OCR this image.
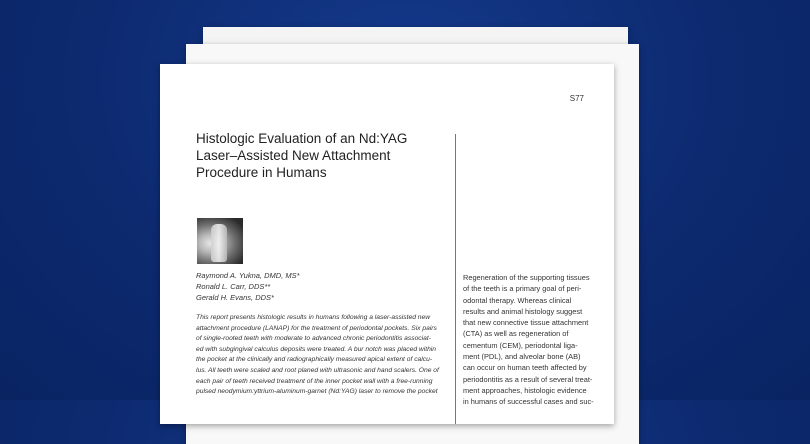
S77
Histologic Evaluation of an Nd:YAG
Laser–Assisted New Attachment
Procedure in Humans
Raymond A. Yukna, DMD, MS*
Ronald L. Carr, DDS**
Gerald H. Evans, DDS*
This report presents histologic results in humans following a laser-assisted new
attachment procedure (LANAP) for the treatment of periodontal pockets. Six pairs
of single-rooted teeth with moderate to advanced chronic periodontitis associat-
ed with subgingival calculus deposits were treated. A bur notch was placed within
the pocket at the clinically and radiographically measured apical extent of calcu-
lus. All teeth were scaled and root planed with ultrasonic and hand scalers. One of
each pair of teeth received treatment of the inner pocket wall with a free-running
pulsed neodymium:yttrium-aluminum-garnet (Nd:YAG) laser to remove the pocket
Regeneration of the supporting tissues
of the teeth is a primary goal of peri-
odontal therapy. Whereas clinical
results and animal histology suggest
that new connective tissue attachment
(CTA) as well as regeneration of
cementum (CEM), periodontal liga-
ment (PDL), and alveolar bone (AB)
can occur on human teeth affected by
periodontitis as a result of several treat-
ment approaches, histologic evidence
in humans of successful cases and suc-
